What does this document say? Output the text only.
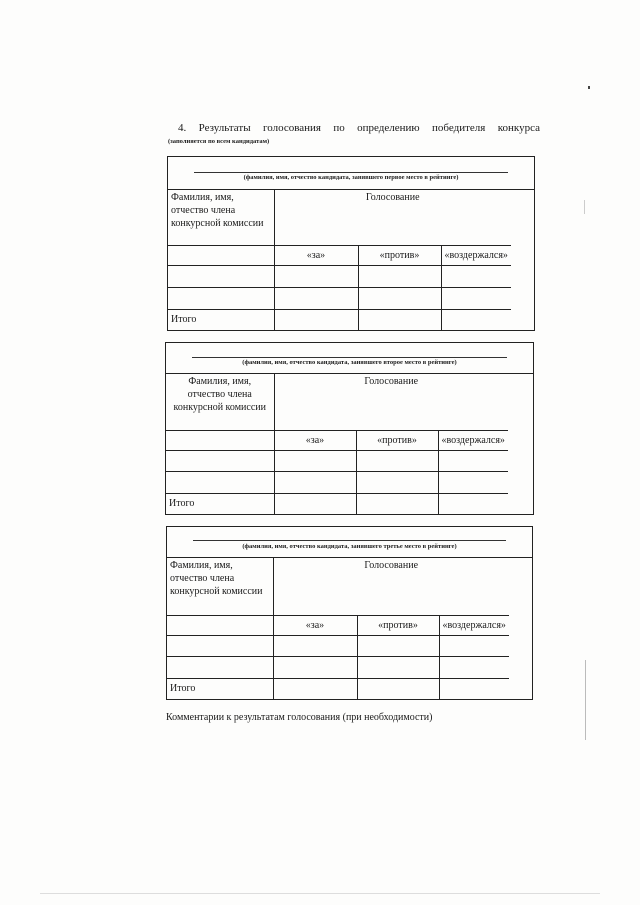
4. Результаты голосования по определению победителя конкурса
(заполняется по всем кандидатам)
(фамилия, имя, отчество кандидата, занявшего первое место в рейтинге)
Фамилия, имя, отчество члена конкурсной комиссии	Голосование		
	«за»	«против»	«воздержался»

Итого			
(фамилия, имя, отчество кандидата, занявшего второе место в рейтинге)
Фамилия, имя, отчество члена конкурсной комиссии	Голосование		
	«за»	«против»	«воздержался»

Итого			
(фамилия, имя, отчество кандидата, занявшего третье место в рейтинге)
Фамилия, имя, отчество члена конкурсной комиссии	Голосование		
	«за»	«против»	«воздержался»

Итого			
Комментарии к результатам голосования (при необходимости)
